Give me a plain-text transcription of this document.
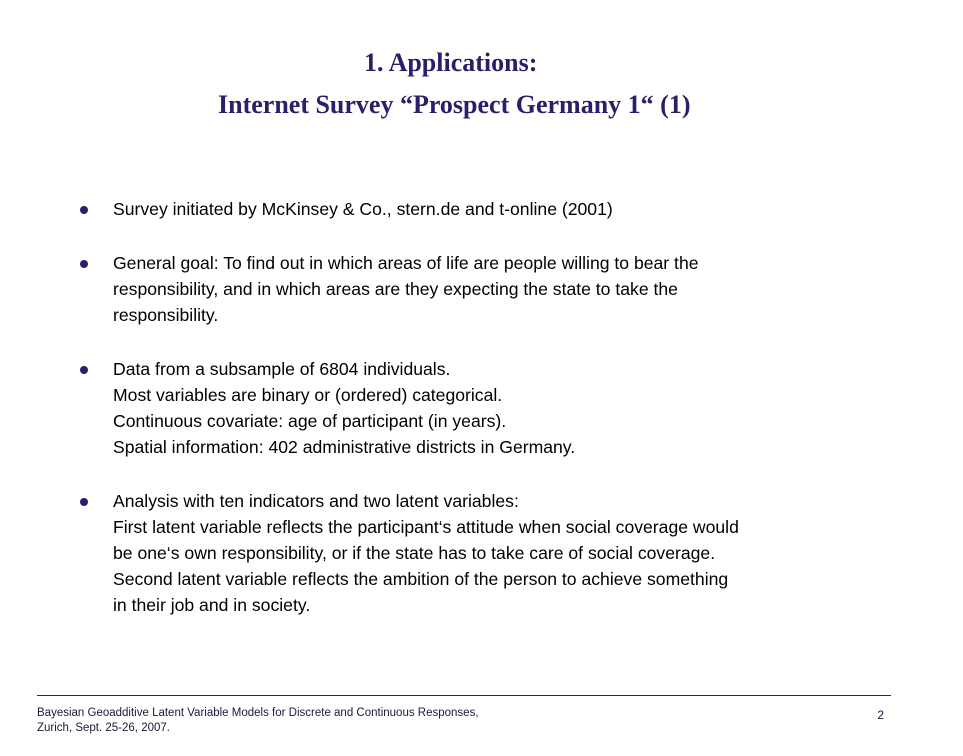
1. Applications:
Internet Survey “Prospect Germany 1“ (1)
Survey initiated by McKinsey & Co., stern.de and t-online (2001)
General goal: To find out in which areas of life are people willing to bear the
responsibility, and in which areas are they expecting the state to take the
responsibility.
Data from a subsample of 6804 individuals.
Most variables are binary or (ordered) categorical.
Continuous covariate: age of participant (in years).
Spatial information: 402 administrative districts in Germany.
Analysis with ten indicators and two latent variables:
First latent variable reflects the participant‘s attitude when social coverage would
be one‘s own responsibility, or if the state has to take care of social coverage.
Second latent variable reflects the ambition of the person to achieve something
in their job and in society.
Bayesian Geoadditive Latent Variable Models for Discrete and Continuous Responses,
Zurich, Sept. 25-26, 2007.
2
